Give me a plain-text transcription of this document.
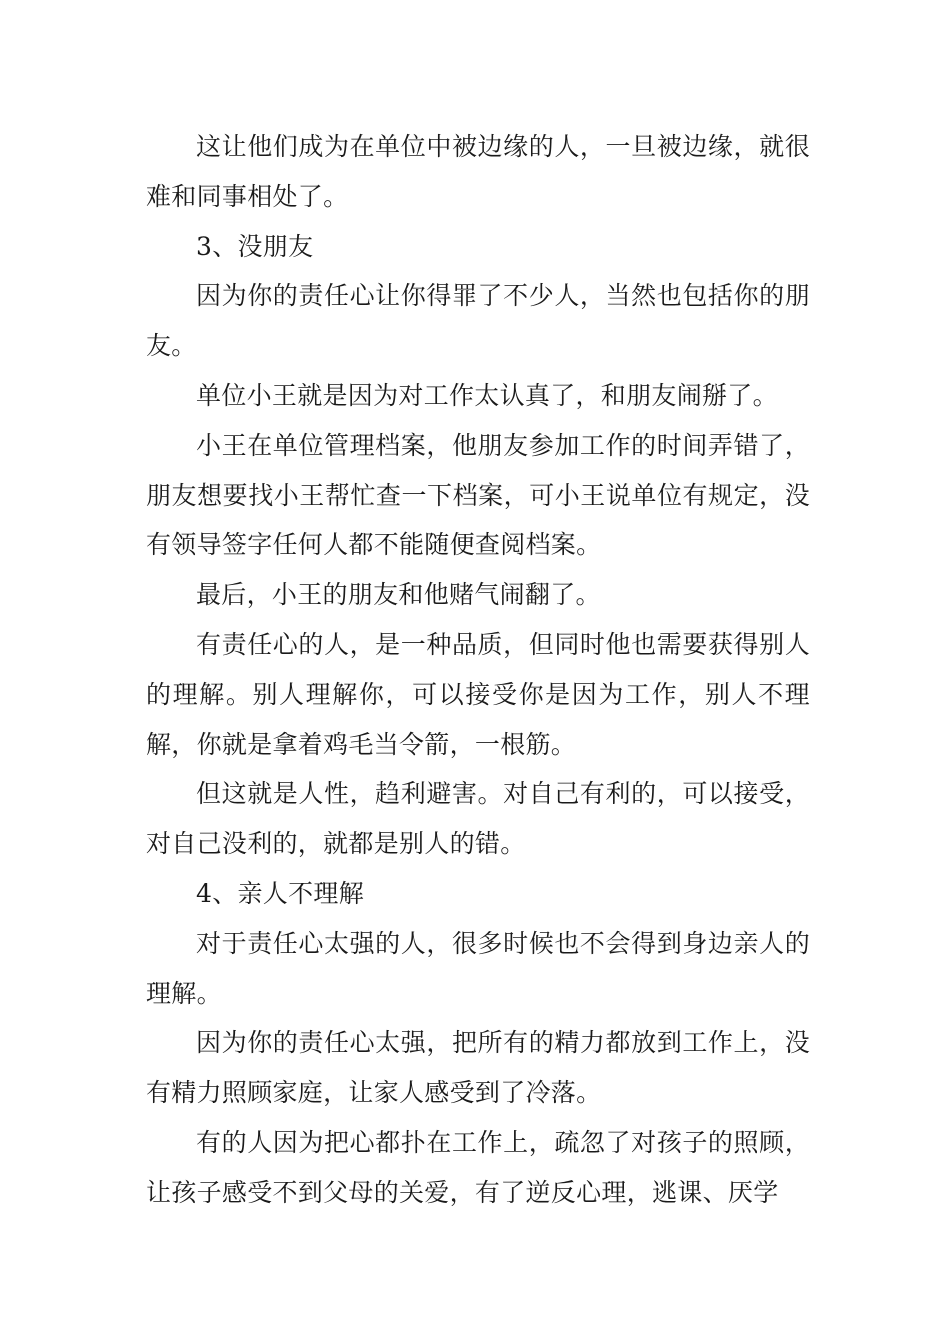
这让他们成为在单位中被边缘的人，一旦被边缘，就很难和同事相处了。

3、没朋友

因为你的责任心让你得罪了不少人，当然也包括你的朋友。

单位小王就是因为对工作太认真了，和朋友闹掰了。

小王在单位管理档案，他朋友参加工作的时间弄错了，朋友想要找小王帮忙查一下档案，可小王说单位有规定，没有领导签字任何人都不能随便查阅档案。

最后，小王的朋友和他赌气闹翻了。

有责任心的人，是一种品质，但同时他也需要获得别人的理解。别人理解你，可以接受你是因为工作，别人不理解，你就是拿着鸡毛当令箭，一根筋。

但这就是人性，趋利避害。对自己有利的，可以接受，对自己没利的，就都是别人的错。

4、亲人不理解

对于责任心太强的人，很多时候也不会得到身边亲人的理解。

因为你的责任心太强，把所有的精力都放到工作上，没有精力照顾家庭，让家人感受到了冷落。

有的人因为把心都扑在工作上，疏忽了对孩子的照顾，让孩子感受不到父母的关爱，有了逆反心理，逃课、厌学
